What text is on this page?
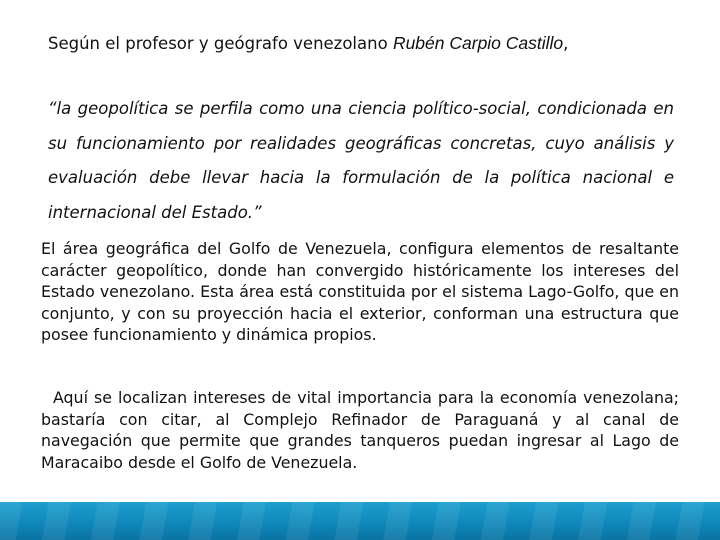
Según el profesor y geógrafo venezolano Rubén Carpio Castillo,
“la geopolítica se perfila como una ciencia político-social, condicionada en su funcionamiento por realidades geográficas concretas, cuyo análisis y evaluación debe llevar hacia la formulación de la política nacional e internacional del Estado.”
El área geográfica del Golfo de Venezuela, configura elementos de resaltante carácter geopolítico, donde han convergido históricamente los intereses del Estado venezolano. Esta área está constituida por el sistema Lago-Golfo, que en conjunto, y con su proyección hacia el exterior, conforman una estructura que posee funcionamiento y dinámica propios.
Aquí se localizan intereses de vital importancia para la economía venezolana; bastaría con citar, al Complejo Refinador de Paraguaná y al canal de navegación que permite que grandes tanqueros puedan ingresar al Lago de Maracaibo desde el Golfo de Venezuela.
